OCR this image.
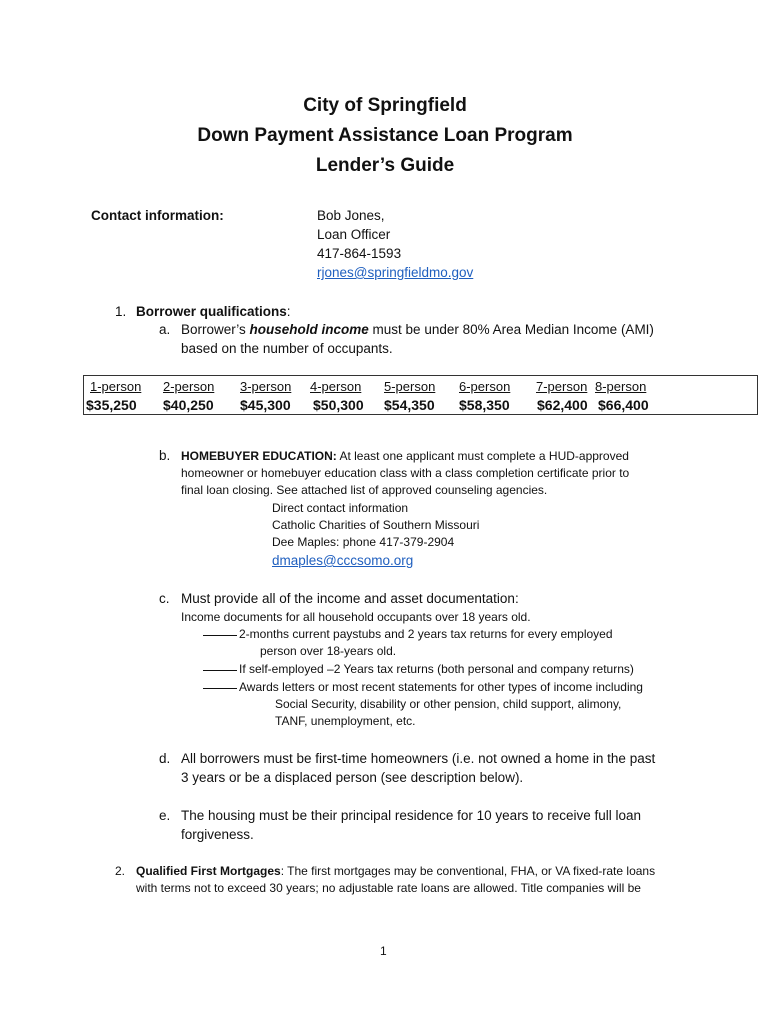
City of Springfield
Down Payment Assistance Loan Program
Lender’s Guide
Contact information:	Bob Jones,
Loan Officer
417-864-1593
rjones@springfieldmo.gov
1. Borrower qualifications:
a. Borrower’s household income must be under 80% Area Median Income (AMI)
based on the number of occupants.
1-person 2-person 3-person 4-person 5-person 6-person 7-person 8-person
$35,250 $40,250 $45,300 $50,300 $54,350 $58,350 $62,400 $66,400
b. HOMEBUYER EDUCATION: At least one applicant must complete a HUD-approved
homeowner or homebuyer education class with a class completion certificate prior to
final loan closing. See attached list of approved counseling agencies.
Direct contact information
Catholic Charities of Southern Missouri
Dee Maples: phone 417-379-2904
dmaples@cccsomo.org
c. Must provide all of the income and asset documentation:
Income documents for all household occupants over 18 years old.
2-months current paystubs and 2 years tax returns for every employed
person over 18-years old.
If self-employed –2 Years tax returns (both personal and company returns)
Awards letters or most recent statements for other types of income including
Social Security, disability or other pension, child support, alimony,
TANF, unemployment, etc.
d. All borrowers must be first-time homeowners (i.e. not owned a home in the past
3 years or be a displaced person (see description below).
e. The housing must be their principal residence for 10 years to receive full loan
forgiveness.
2. Qualified First Mortgages: The first mortgages may be conventional, FHA, or VA fixed-rate loans
with terms not to exceed 30 years; no adjustable rate loans are allowed. Title companies will be
1
